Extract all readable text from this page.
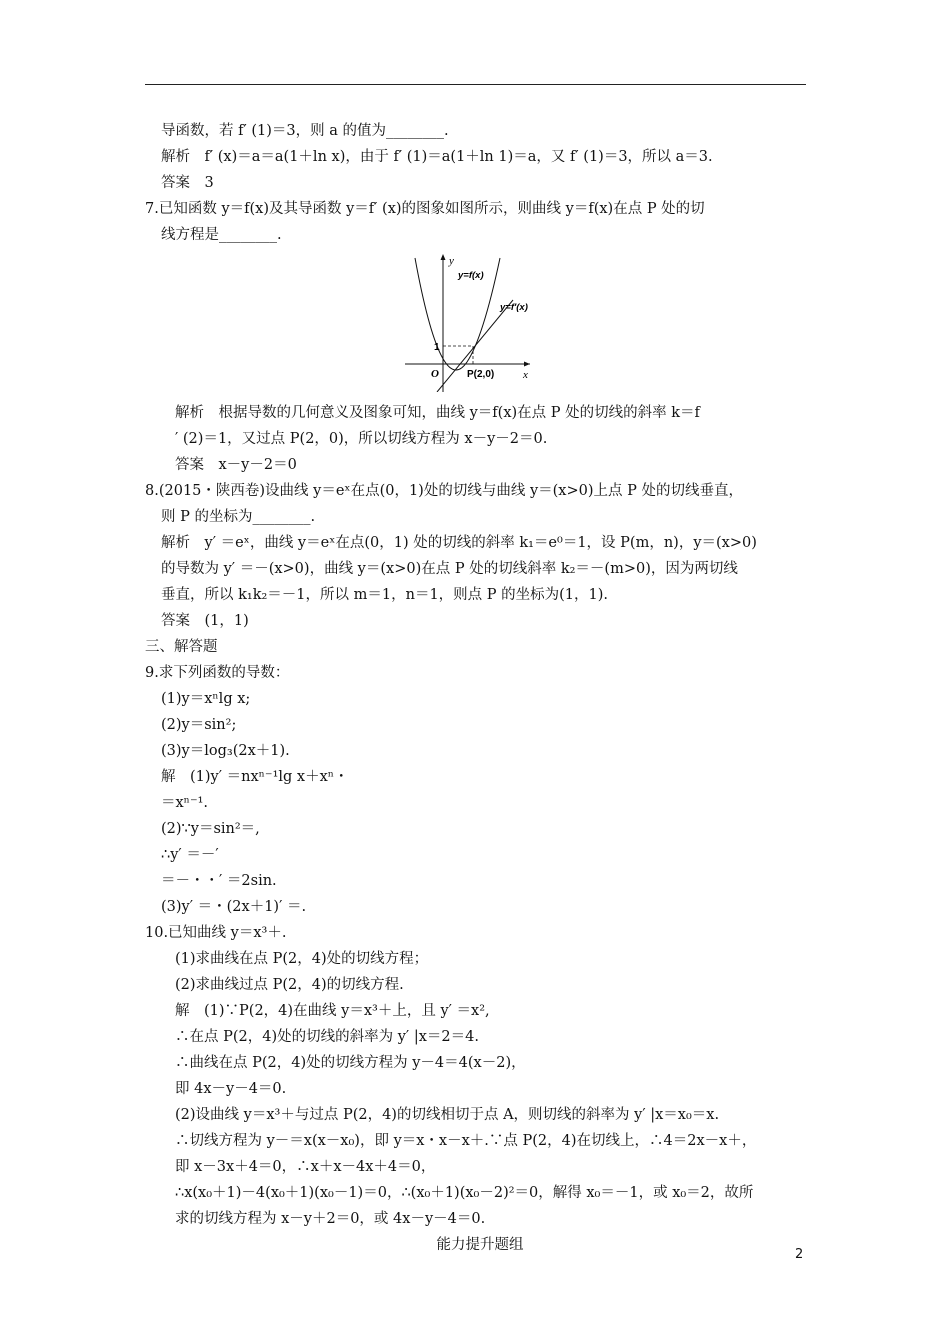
导函数，若 f′ (1)＝3，则 a 的值为________.
解析　f′ (x)＝a＝a(1＋ln x)，由于 f′ (1)＝a(1＋ln 1)＝a，又 f′ (1)＝3，所以 a＝3.
答案　3
7.已知函数 y＝f(x)及其导函数 y＝f′ (x)的图象如图所示，则曲线 y＝f(x)在点 P 处的切
线方程是________.
y
x
O
1
P(2,0)
y=f(x)
y=f′(x)
解析　根据导数的几何意义及图象可知，曲线 y＝f(x)在点 P 处的切线的斜率 k＝f
′ (2)＝1，又过点 P(2，0)，所以切线方程为 x－y－2＝0.
答案　x－y－2＝0
8.(2015・陕西卷)设曲线 y＝eˣ在点(0，1)处的切线与曲线 y＝(x>0)上点 P 处的切线垂直，
则 P 的坐标为________.
解析　y′ ＝eˣ，曲线 y＝eˣ在点(0，1) 处的切线的斜率 k₁＝e⁰＝1，设 P(m，n)，y＝(x>0)
的导数为 y′ ＝－(x>0)，曲线 y＝(x>0)在点 P 处的切线斜率 k₂＝－(m>0)，因为两切线
垂直，所以 k₁k₂＝－1，所以 m＝1，n＝1，则点 P 的坐标为(1，1).
答案　(1，1)
三、解答题
9.求下列函数的导数：
(1)y＝xⁿlg x;
(2)y＝sin²;
(3)y＝log₃(2x＋1).
解　(1)y′ ＝nxⁿ⁻¹lg x＋xⁿ・
＝xⁿ⁻¹.
(2)∵y＝sin²＝,
∴y′ ＝－′
＝－・・′ ＝2sin.
(3)y′ ＝・(2x＋1)′ ＝.
10.已知曲线 y＝x³＋.
(1)求曲线在点 P(2，4)处的切线方程；
(2)求曲线过点 P(2，4)的切线方程.
解　(1)∵P(2，4)在曲线 y＝x³＋上，且 y′ ＝x²,
∴在点 P(2，4)处的切线的斜率为 y′ |x＝2＝4.
∴曲线在点 P(2，4)处的切线方程为 y－4＝4(x－2)，
即 4x－y－4＝0.
(2)设曲线 y＝x³＋与过点 P(2，4)的切线相切于点 A，则切线的斜率为 y′ |x＝x₀＝x.
∴切线方程为 y－＝x(x－x₀)，即 y＝x・x－x＋.∵点 P(2，4)在切线上，∴4＝2x－x＋，
即 x－3x＋4＝0，∴x＋x－4x＋4＝0，
∴x(x₀＋1)－4(x₀＋1)(x₀－1)＝0，∴(x₀＋1)(x₀－2)²＝0，解得 x₀＝－1，或 x₀＝2，故所
求的切线方程为 x－y＋2＝0，或 4x－y－4＝0.
能力提升题组
2
